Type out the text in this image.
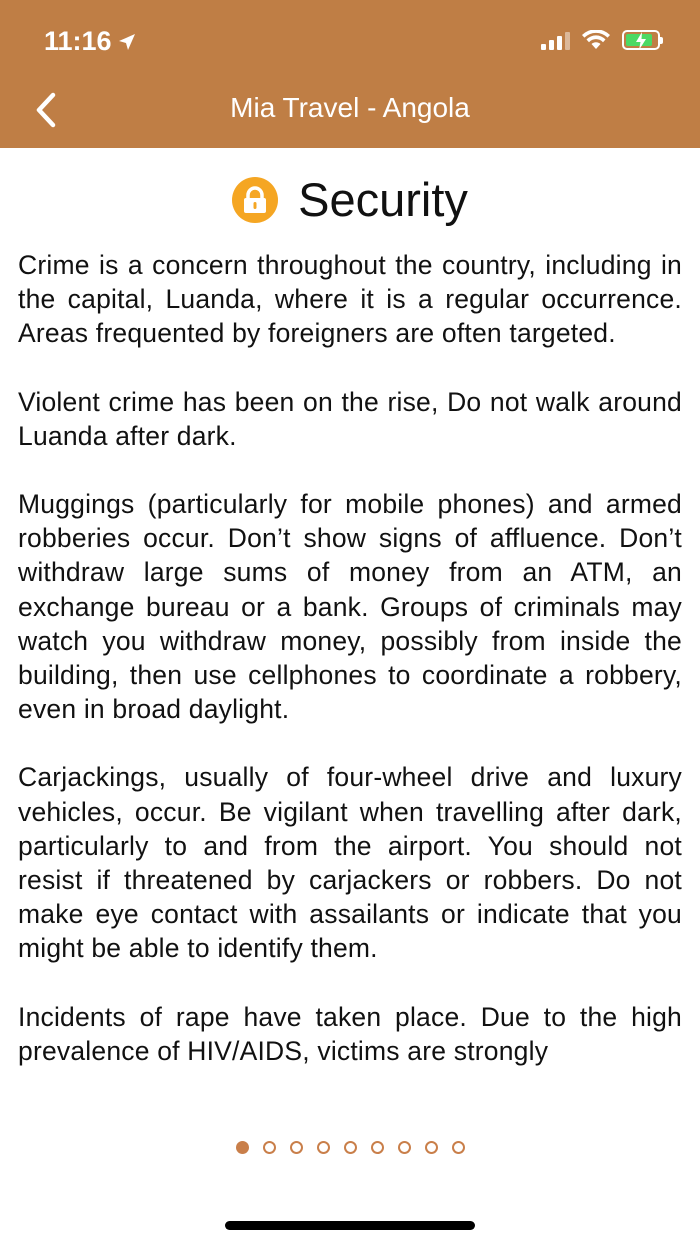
11:16
Mia Travel - Angola
Security

Crime is a concern throughout the country, including in the capital, Luanda, where it is a regular occurrence. Areas frequented by foreigners are often targeted.

Violent crime has been on the rise, Do not walk around Luanda after dark.

Muggings (particularly for mobile phones) and armed robberies occur. Don’t show signs of affluence. Don’t withdraw large sums of money from an ATM, an exchange bureau or a bank. Groups of criminals may watch you withdraw money, possibly from inside the building, then use cellphones to coordinate a robbery, even in broad daylight.

Carjackings, usually of four-wheel drive and luxury vehicles, occur. Be vigilant when travelling after dark, particularly to and from the airport. You should not resist if threatened by carjackers or robbers. Do not make eye contact with assailants or indicate that you might be able to identify them.

Incidents of rape have taken place. Due to the high prevalence of HIV/AIDS, victims are strongly
